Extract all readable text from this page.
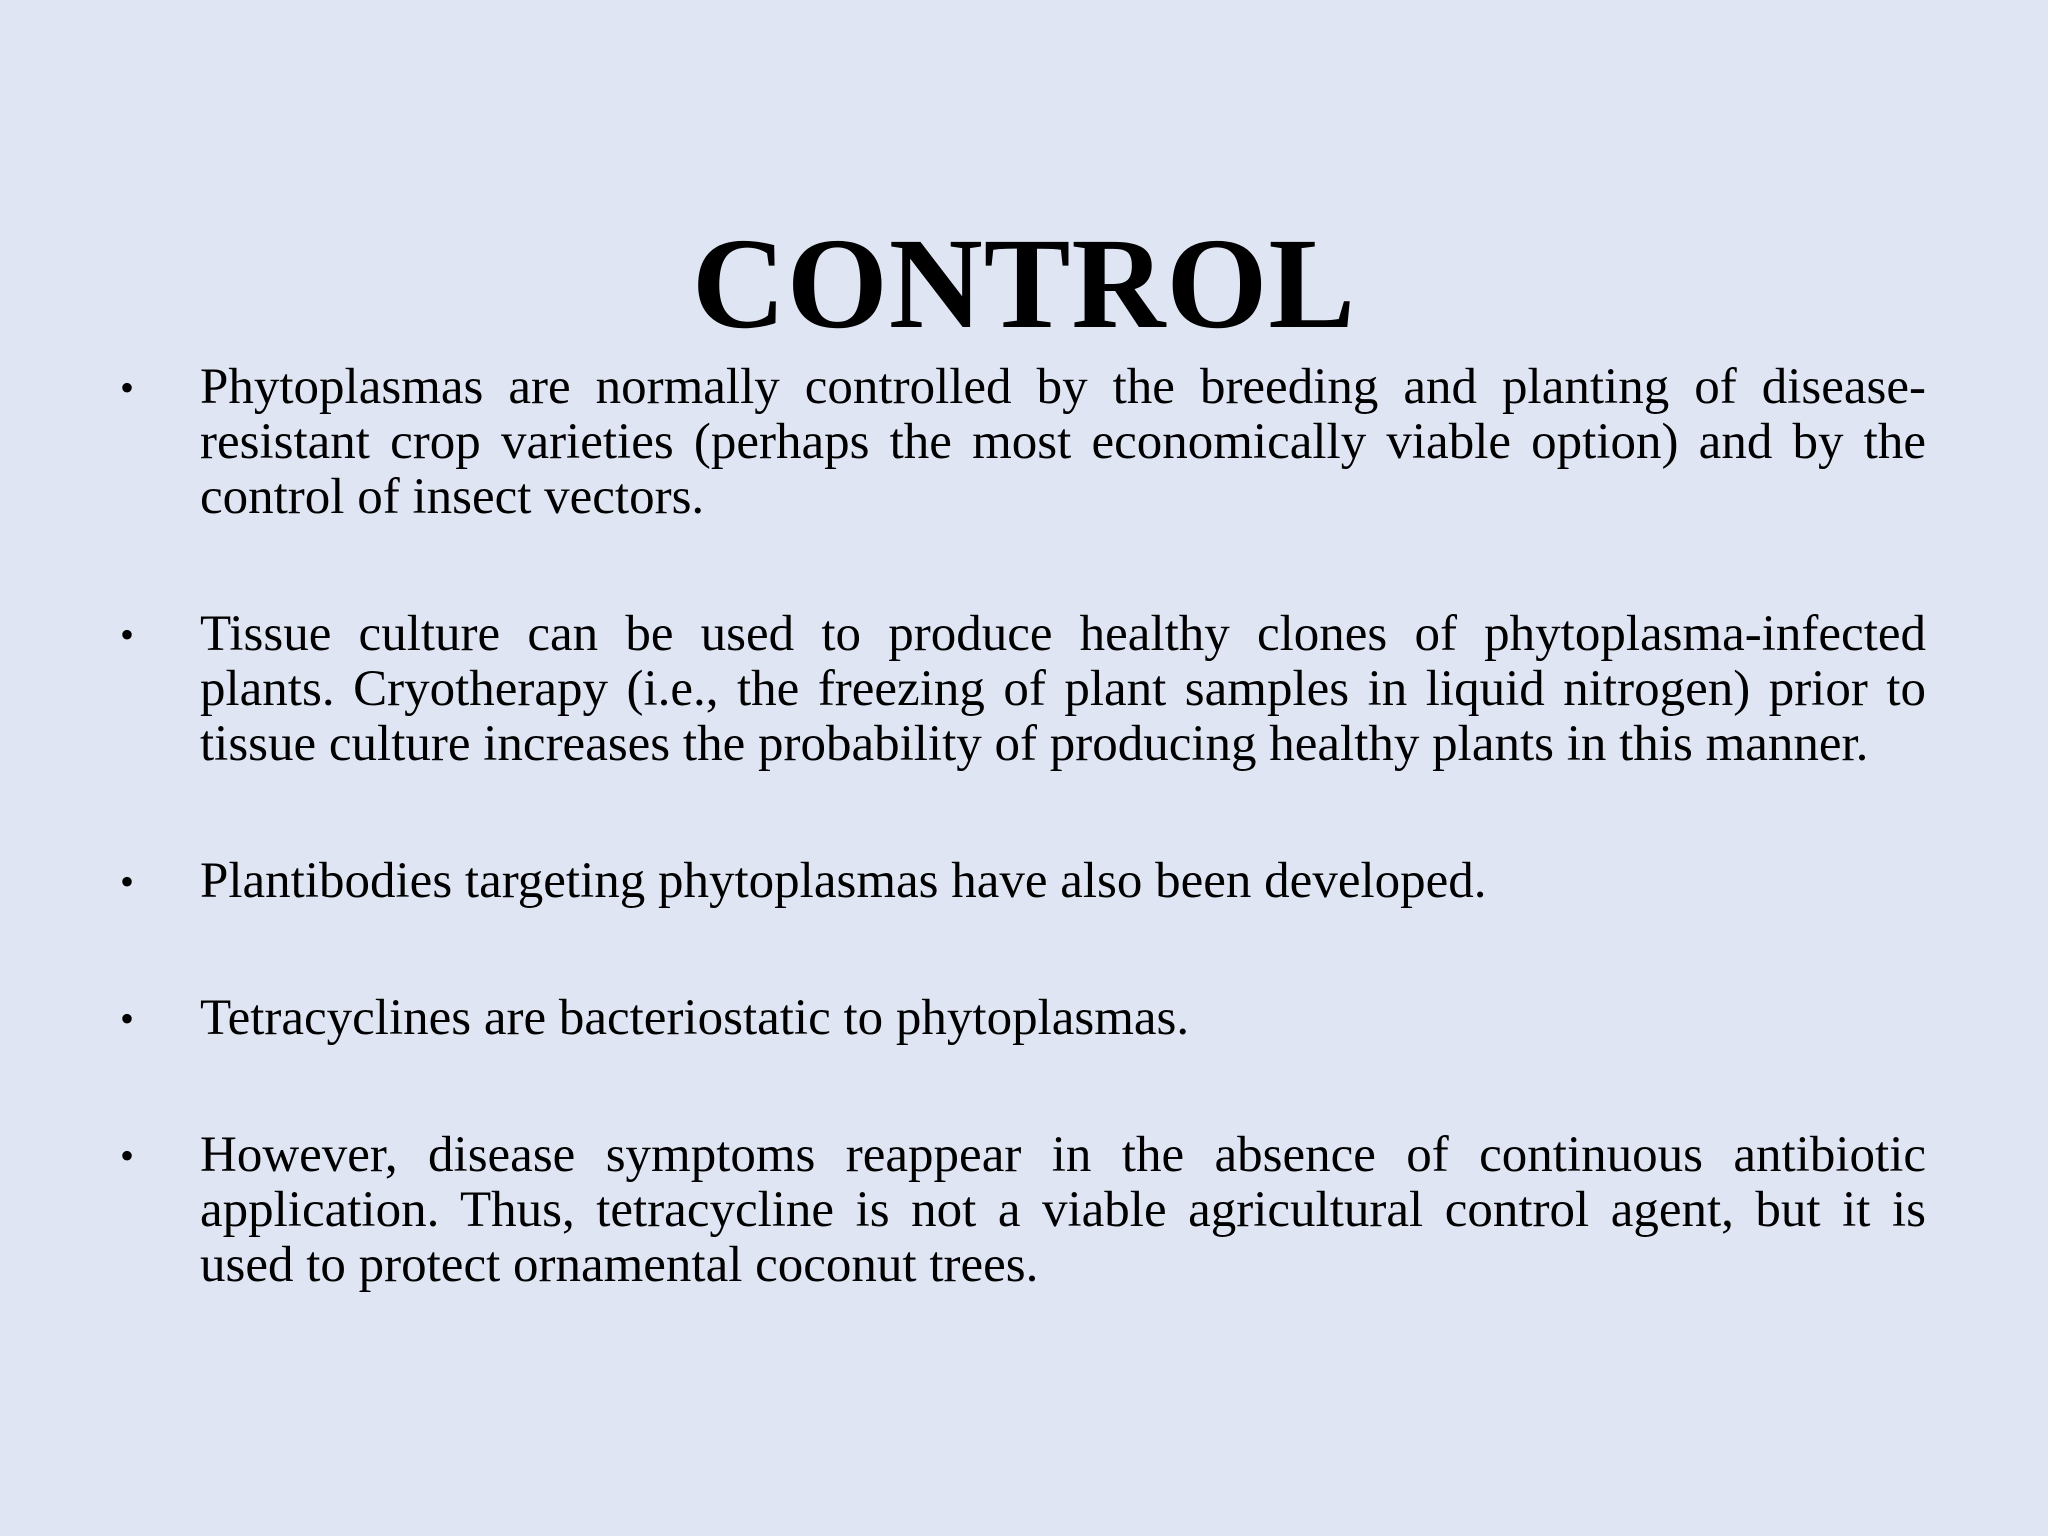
CONTROL
•	Phytoplasmas are normally controlled by the breeding and planting of disease-resistant crop varieties (perhaps the most economically viable option) and by the control of insect vectors.
•	Tissue culture can be used to produce healthy clones of phytoplasma-infected plants. Cryotherapy (i.e., the freezing of plant samples in liquid nitrogen) prior to tissue culture increases the probability of producing healthy plants in this manner.
•	Plantibodies targeting phytoplasmas have also been developed.
•	Tetracyclines are bacteriostatic to phytoplasmas.
•	However, disease symptoms reappear in the absence of continuous antibiotic application. Thus, tetracycline is not a viable agricultural control agent, but it is used to protect ornamental coconut trees.
